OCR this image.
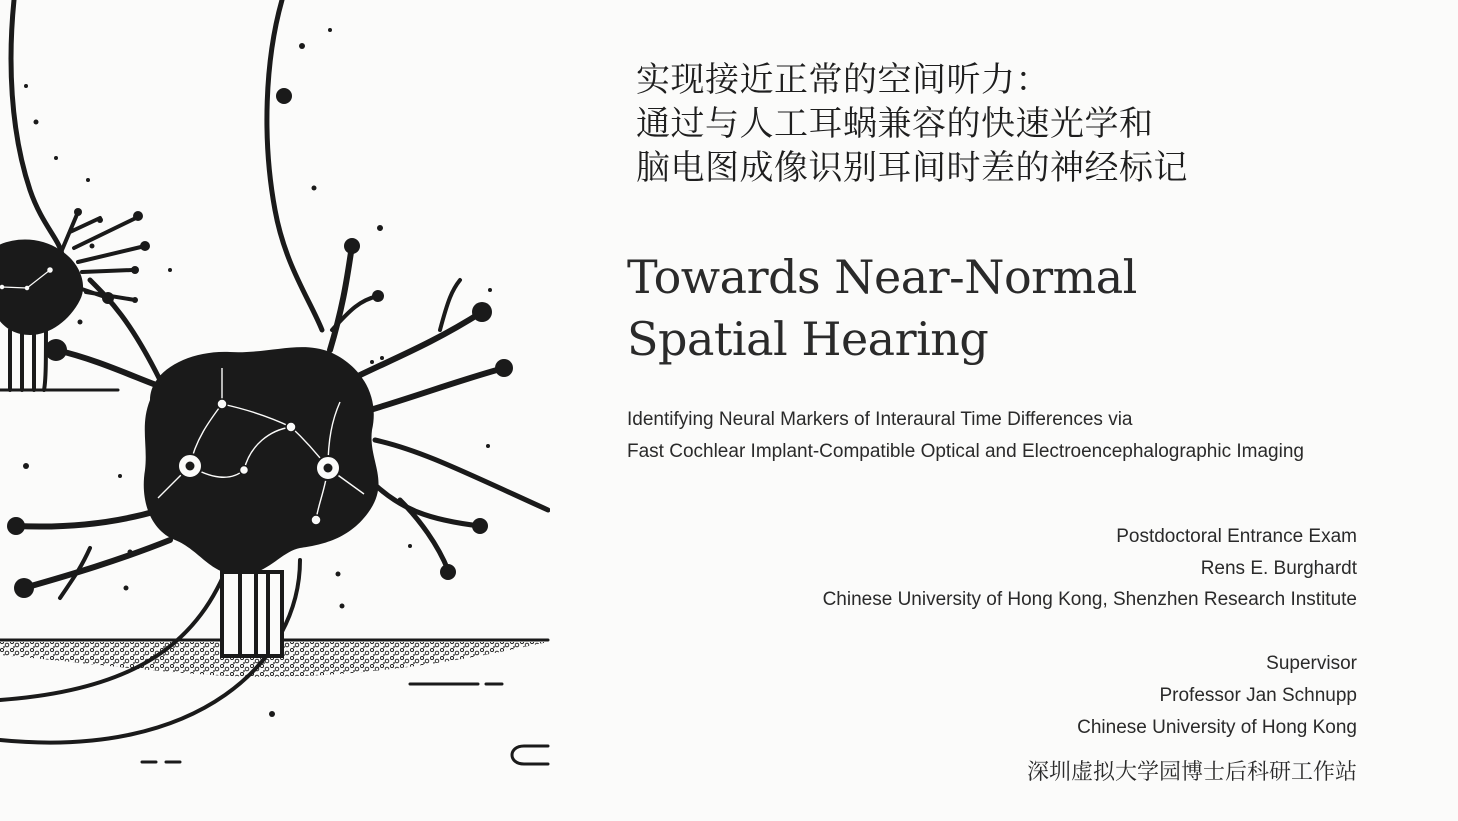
实现接近正常的空间听力：
通过与人工耳蜗兼容的快速光学和
脑电图成像识别耳间时差的神经标记
Towards Near-Normal
Spatial Hearing
Identifying Neural Markers of Interaural Time Differences via
Fast Cochlear Implant-Compatible Optical and Electroencephalographic Imaging
Postdoctoral Entrance Exam
Rens E. Burghardt
Chinese University of Hong Kong, Shenzhen Research Institute
Supervisor
Professor Jan Schnupp
Chinese University of Hong Kong
深圳虚拟大学园博士后科研工作站
